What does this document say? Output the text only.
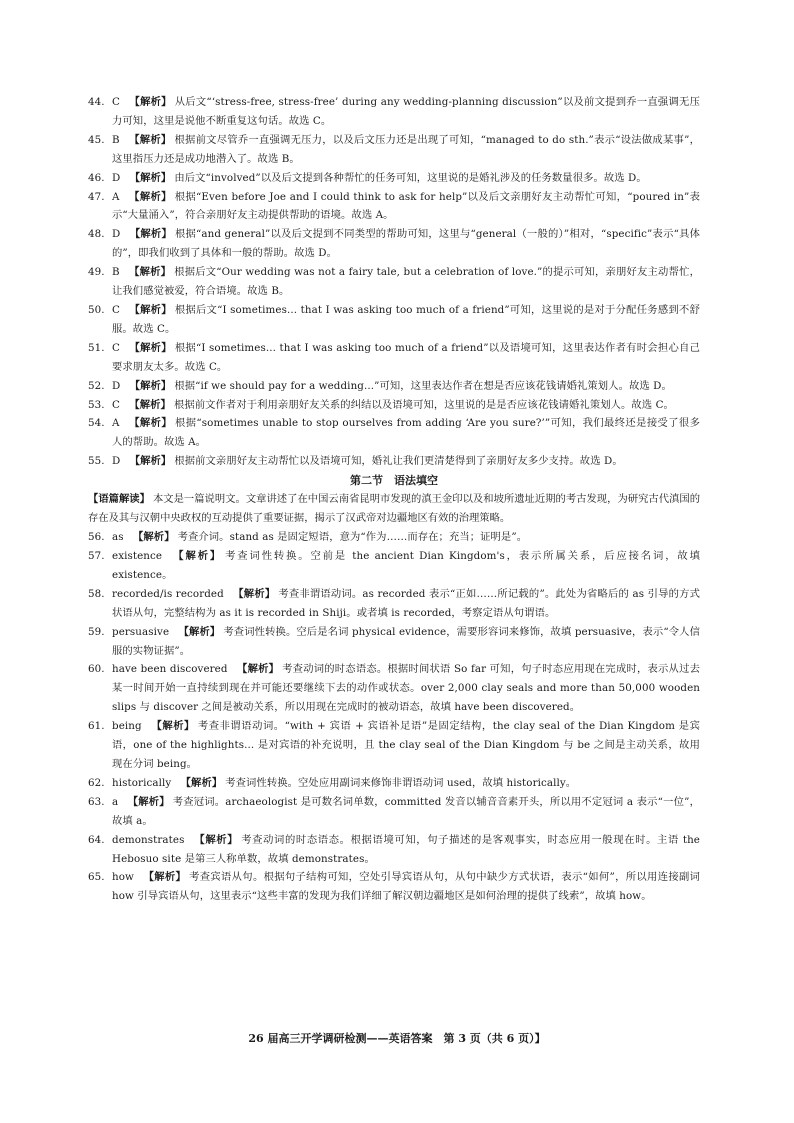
44. C 【解析】 从后文“‘stress-free, stress-free’ during any wedding-planning discussion”以及前文提到乔一直强调无压力可知，这里是说他不断重复这句话。故选 C。
45. B 【解析】 根据前文尽管乔一直强调无压力，以及后文压力还是出现了可知，“managed to do sth.”表示“设法做成某事”，这里指压力还是成功地潜入了。故选 B。
46. D 【解析】 由后文“involved”以及后文提到各种帮忙的任务可知，这里说的是婚礼涉及的任务数量很多。故选 D。
47. A 【解析】 根据“Even before Joe and I could think to ask for help”以及后文亲朋好友主动帮忙可知，“poured in”表示“大量涌入”，符合亲朋好友主动提供帮助的语境。故选 A。
48. D 【解析】 根据“and general”以及后文提到不同类型的帮助可知，这里与“general（一般的）”相对，“specific”表示“具体的”，即我们收到了具体和一般的帮助。故选 D。
49. B 【解析】 根据后文“Our wedding was not a fairy tale, but a celebration of love.”的提示可知，亲朋好友主动帮忙，让我们感觉被爱，符合语境。故选 B。
50. C 【解析】 根据后文“I sometimes... that I was asking too much of a friend”可知，这里说的是对于分配任务感到不舒服。故选 C。
51. C 【解析】 根据“I sometimes... that I was asking too much of a friend”以及语境可知，这里表达作者有时会担心自己要求朋友太多。故选 C。
52. D 【解析】 根据“if we should pay for a wedding...”可知，这里表达作者在想是否应该花钱请婚礼策划人。故选 D。
53. C 【解析】 根据前文作者对于利用亲朋好友关系的纠结以及语境可知，这里说的是是否应该花钱请婚礼策划人。故选 C。
54. A 【解析】 根据“sometimes unable to stop ourselves from adding ‘Are you sure?’”可知，我们最终还是接受了很多人的帮助。故选 A。
55. D 【解析】 根据前文亲朋好友主动帮忙以及语境可知，婚礼让我们更清楚得到了亲朋好友多少支持。故选 D。
第二节　语法填空

【语篇解读】 本文是一篇说明文。文章讲述了在中国云南省昆明市发现的滇王金印以及和坡所遗址近期的考古发现，为研究古代滇国的存在及其与汉朝中央政权的互动提供了重要证据，揭示了汉武帝对边疆地区有效的治理策略。

56. as 【解析】 考查介词。stand as 是固定短语，意为“作为……而存在；充当；证明是”。
57. existence 【解析】 考查词性转换。空前是 the ancient Dian Kingdom's，表示所属关系，后应接名词，故填 existence。
58. recorded/is recorded 【解析】 考查非谓语动词。as recorded 表示“正如……所记载的”。此处为省略后的 as 引导的方式状语从句，完整结构为 as it is recorded in Shiji。或者填 is recorded，考察定语从句谓语。
59. persuasive 【解析】 考查词性转换。空后是名词 physical evidence，需要形容词来修饰，故填 persuasive，表示“令人信服的实物证据”。
60. have been discovered 【解析】 考查动词的时态语态。根据时间状语 So far 可知，句子时态应用现在完成时，表示从过去某一时间开始一直持续到现在并可能还要继续下去的动作或状态。over 2,000 clay seals and more than 50,000 wooden slips 与 discover 之间是被动关系，所以用现在完成时的被动语态，故填 have been discovered。
61. being 【解析】 考查非谓语动词。“with + 宾语 + 宾语补足语”是固定结构，the clay seal of the Dian Kingdom 是宾语，one of the highlights... 是对宾语的补充说明，且 the clay seal of the Dian Kingdom 与 be 之间是主动关系，故用现在分词 being。
62. historically 【解析】 考查词性转换。空处应用副词来修饰非谓语动词 used，故填 historically。
63. a 【解析】 考查冠词。archaeologist 是可数名词单数，committed 发音以辅音音素开头，所以用不定冠词 a 表示“一位”，故填 a。
64. demonstrates 【解析】 考查动词的时态语态。根据语境可知，句子描述的是客观事实，时态应用一般现在时。主语 the Hebosuo site 是第三人称单数，故填 demonstrates。
65. how 【解析】 考查宾语从句。根据句子结构可知，空处引导宾语从句，从句中缺少方式状语，表示“如何”，所以用连接副词 how 引导宾语从句，这里表示“这些丰富的发现为我们详细了解汉朝边疆地区是如何治理的提供了线索”，故填 how。
26 届高三开学调研检测——英语答案　第 3 页（共 6 页）】
